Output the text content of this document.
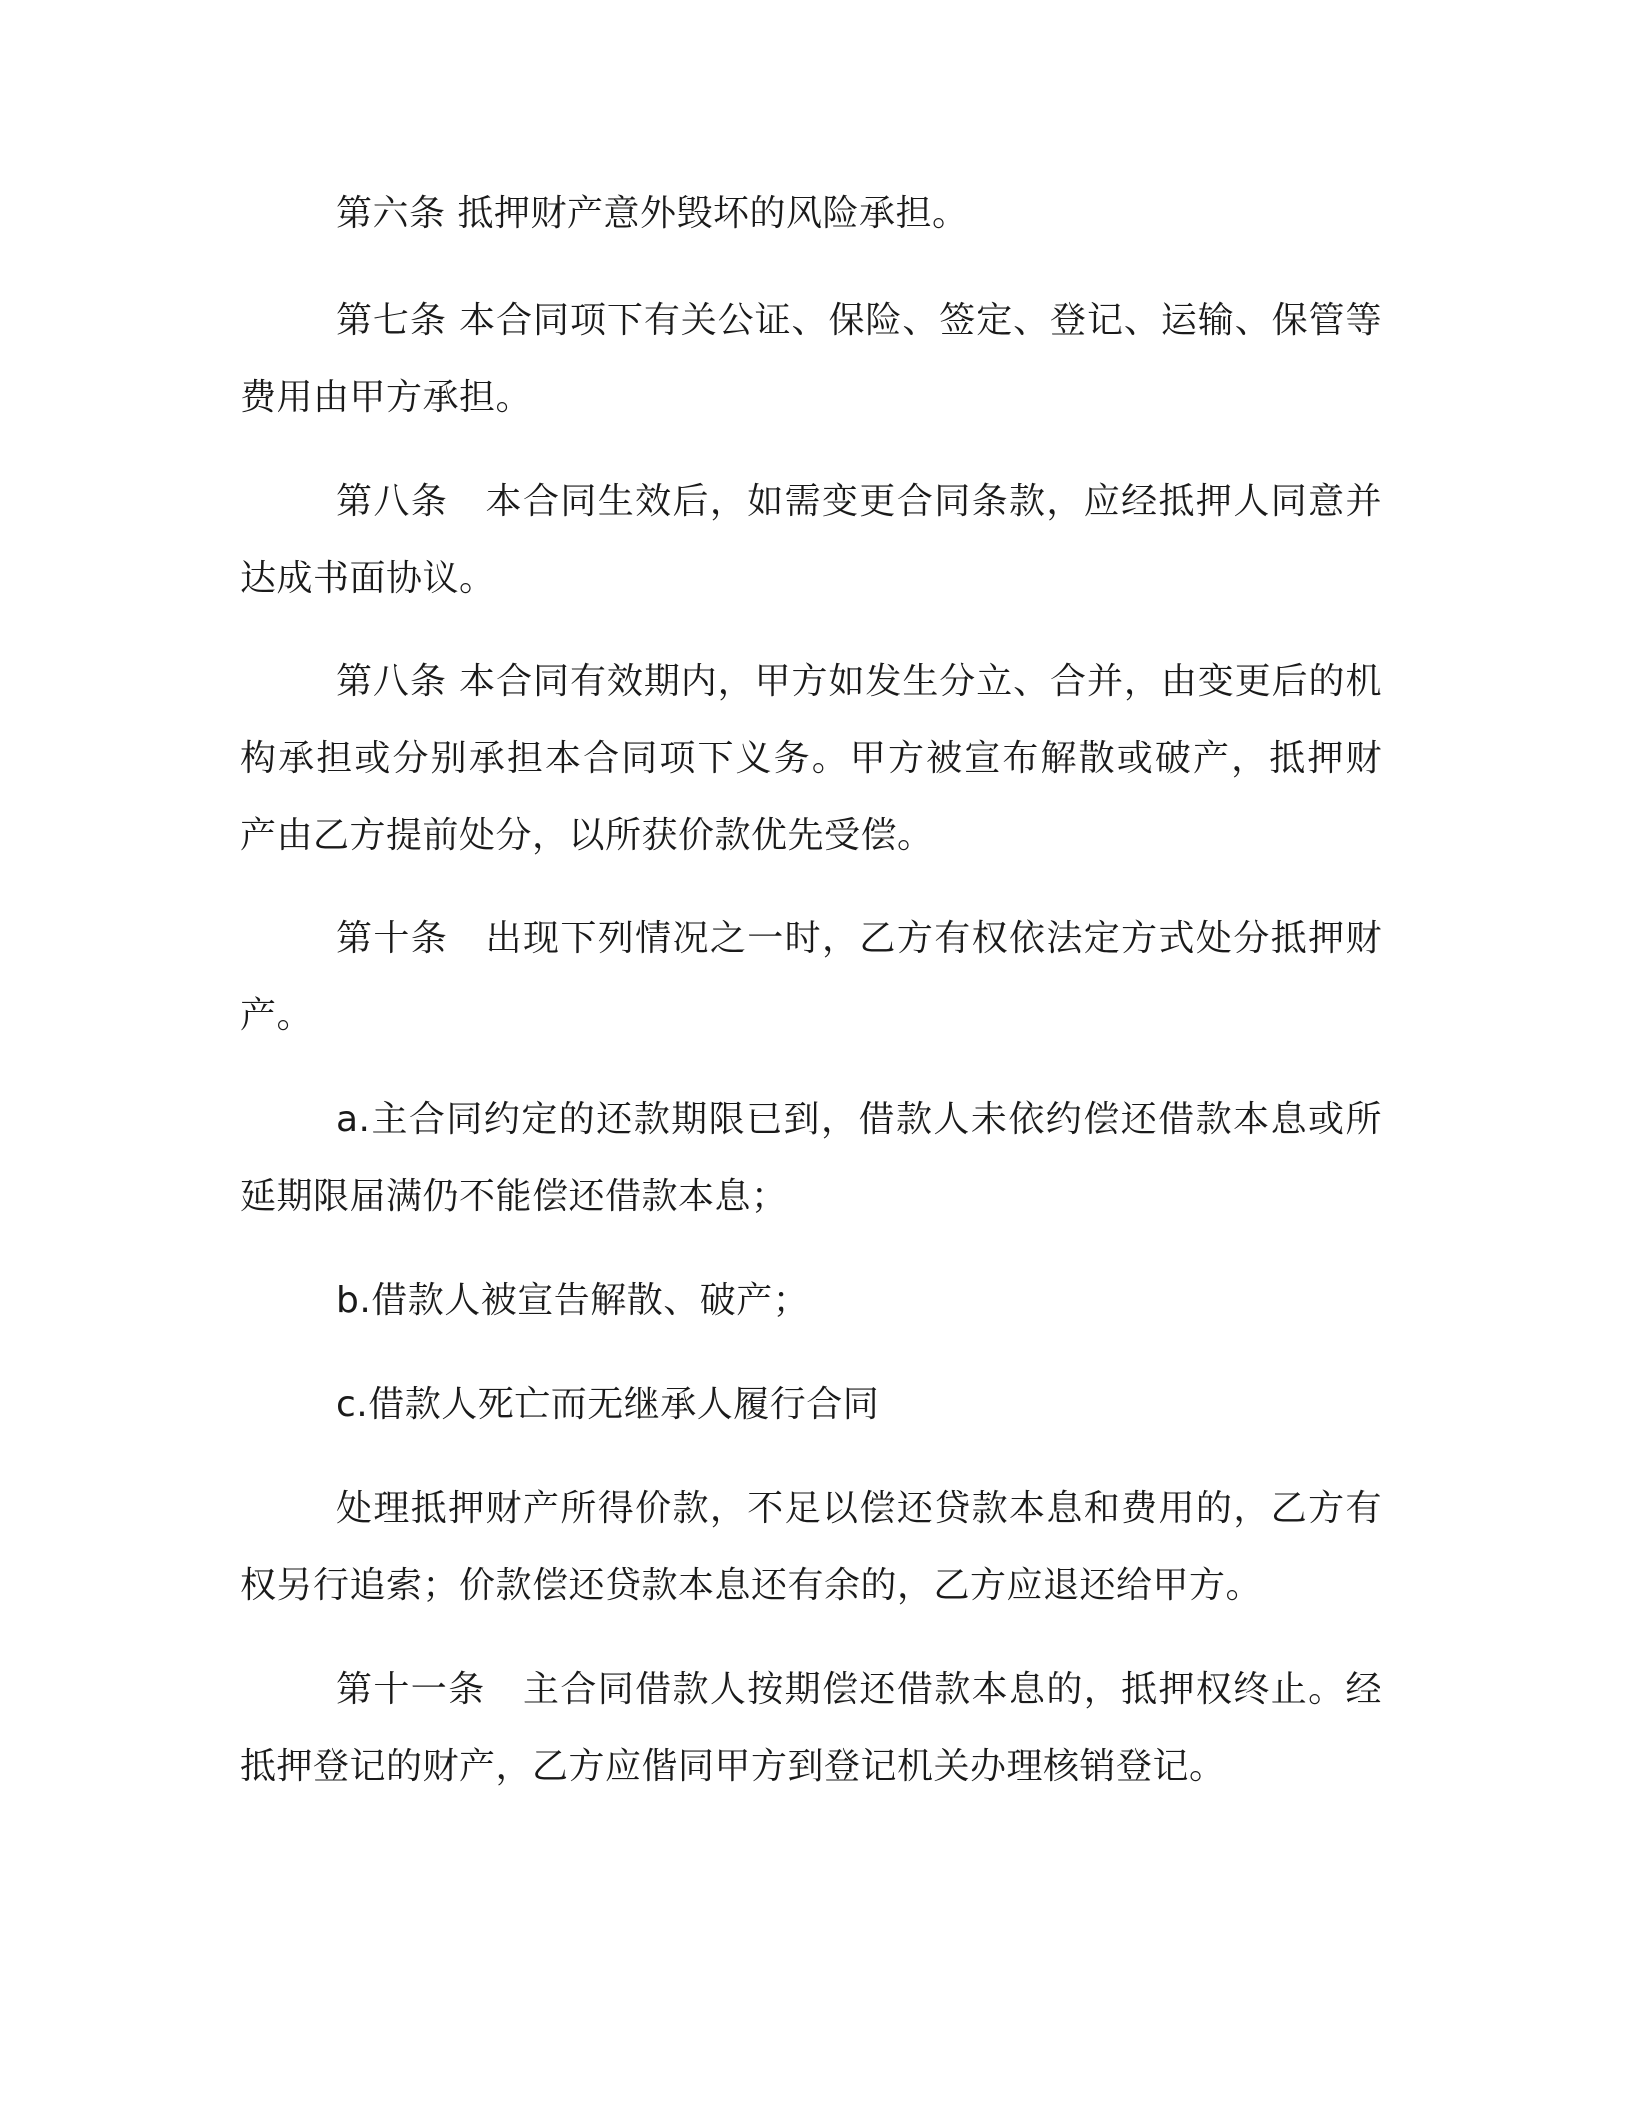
第六条 抵押财产意外毁坏的风险承担。

第七条 本合同项下有关公证、保险、签定、登记、运输、保管等
费用由甲方承担。

第八条　本合同生效后，如需变更合同条款，应经抵押人同意并
达成书面协议。

第八条 本合同有效期内，甲方如发生分立、合并，由变更后的机
构承担或分别承担本合同项下义务。甲方被宣布解散或破产，抵押财
产由乙方提前处分，以所获价款优先受偿。

第十条　出现下列情况之一时，乙方有权依法定方式处分抵押财
产。

a.主合同约定的还款期限已到，借款人未依约偿还借款本息或所
延期限届满仍不能偿还借款本息；

b.借款人被宣告解散、破产；

c.借款人死亡而无继承人履行合同

处理抵押财产所得价款，不足以偿还贷款本息和费用的，乙方有
权另行追索；价款偿还贷款本息还有余的，乙方应退还给甲方。

第十一条　主合同借款人按期偿还借款本息的，抵押权终止。经
抵押登记的财产，乙方应偕同甲方到登记机关办理核销登记。
